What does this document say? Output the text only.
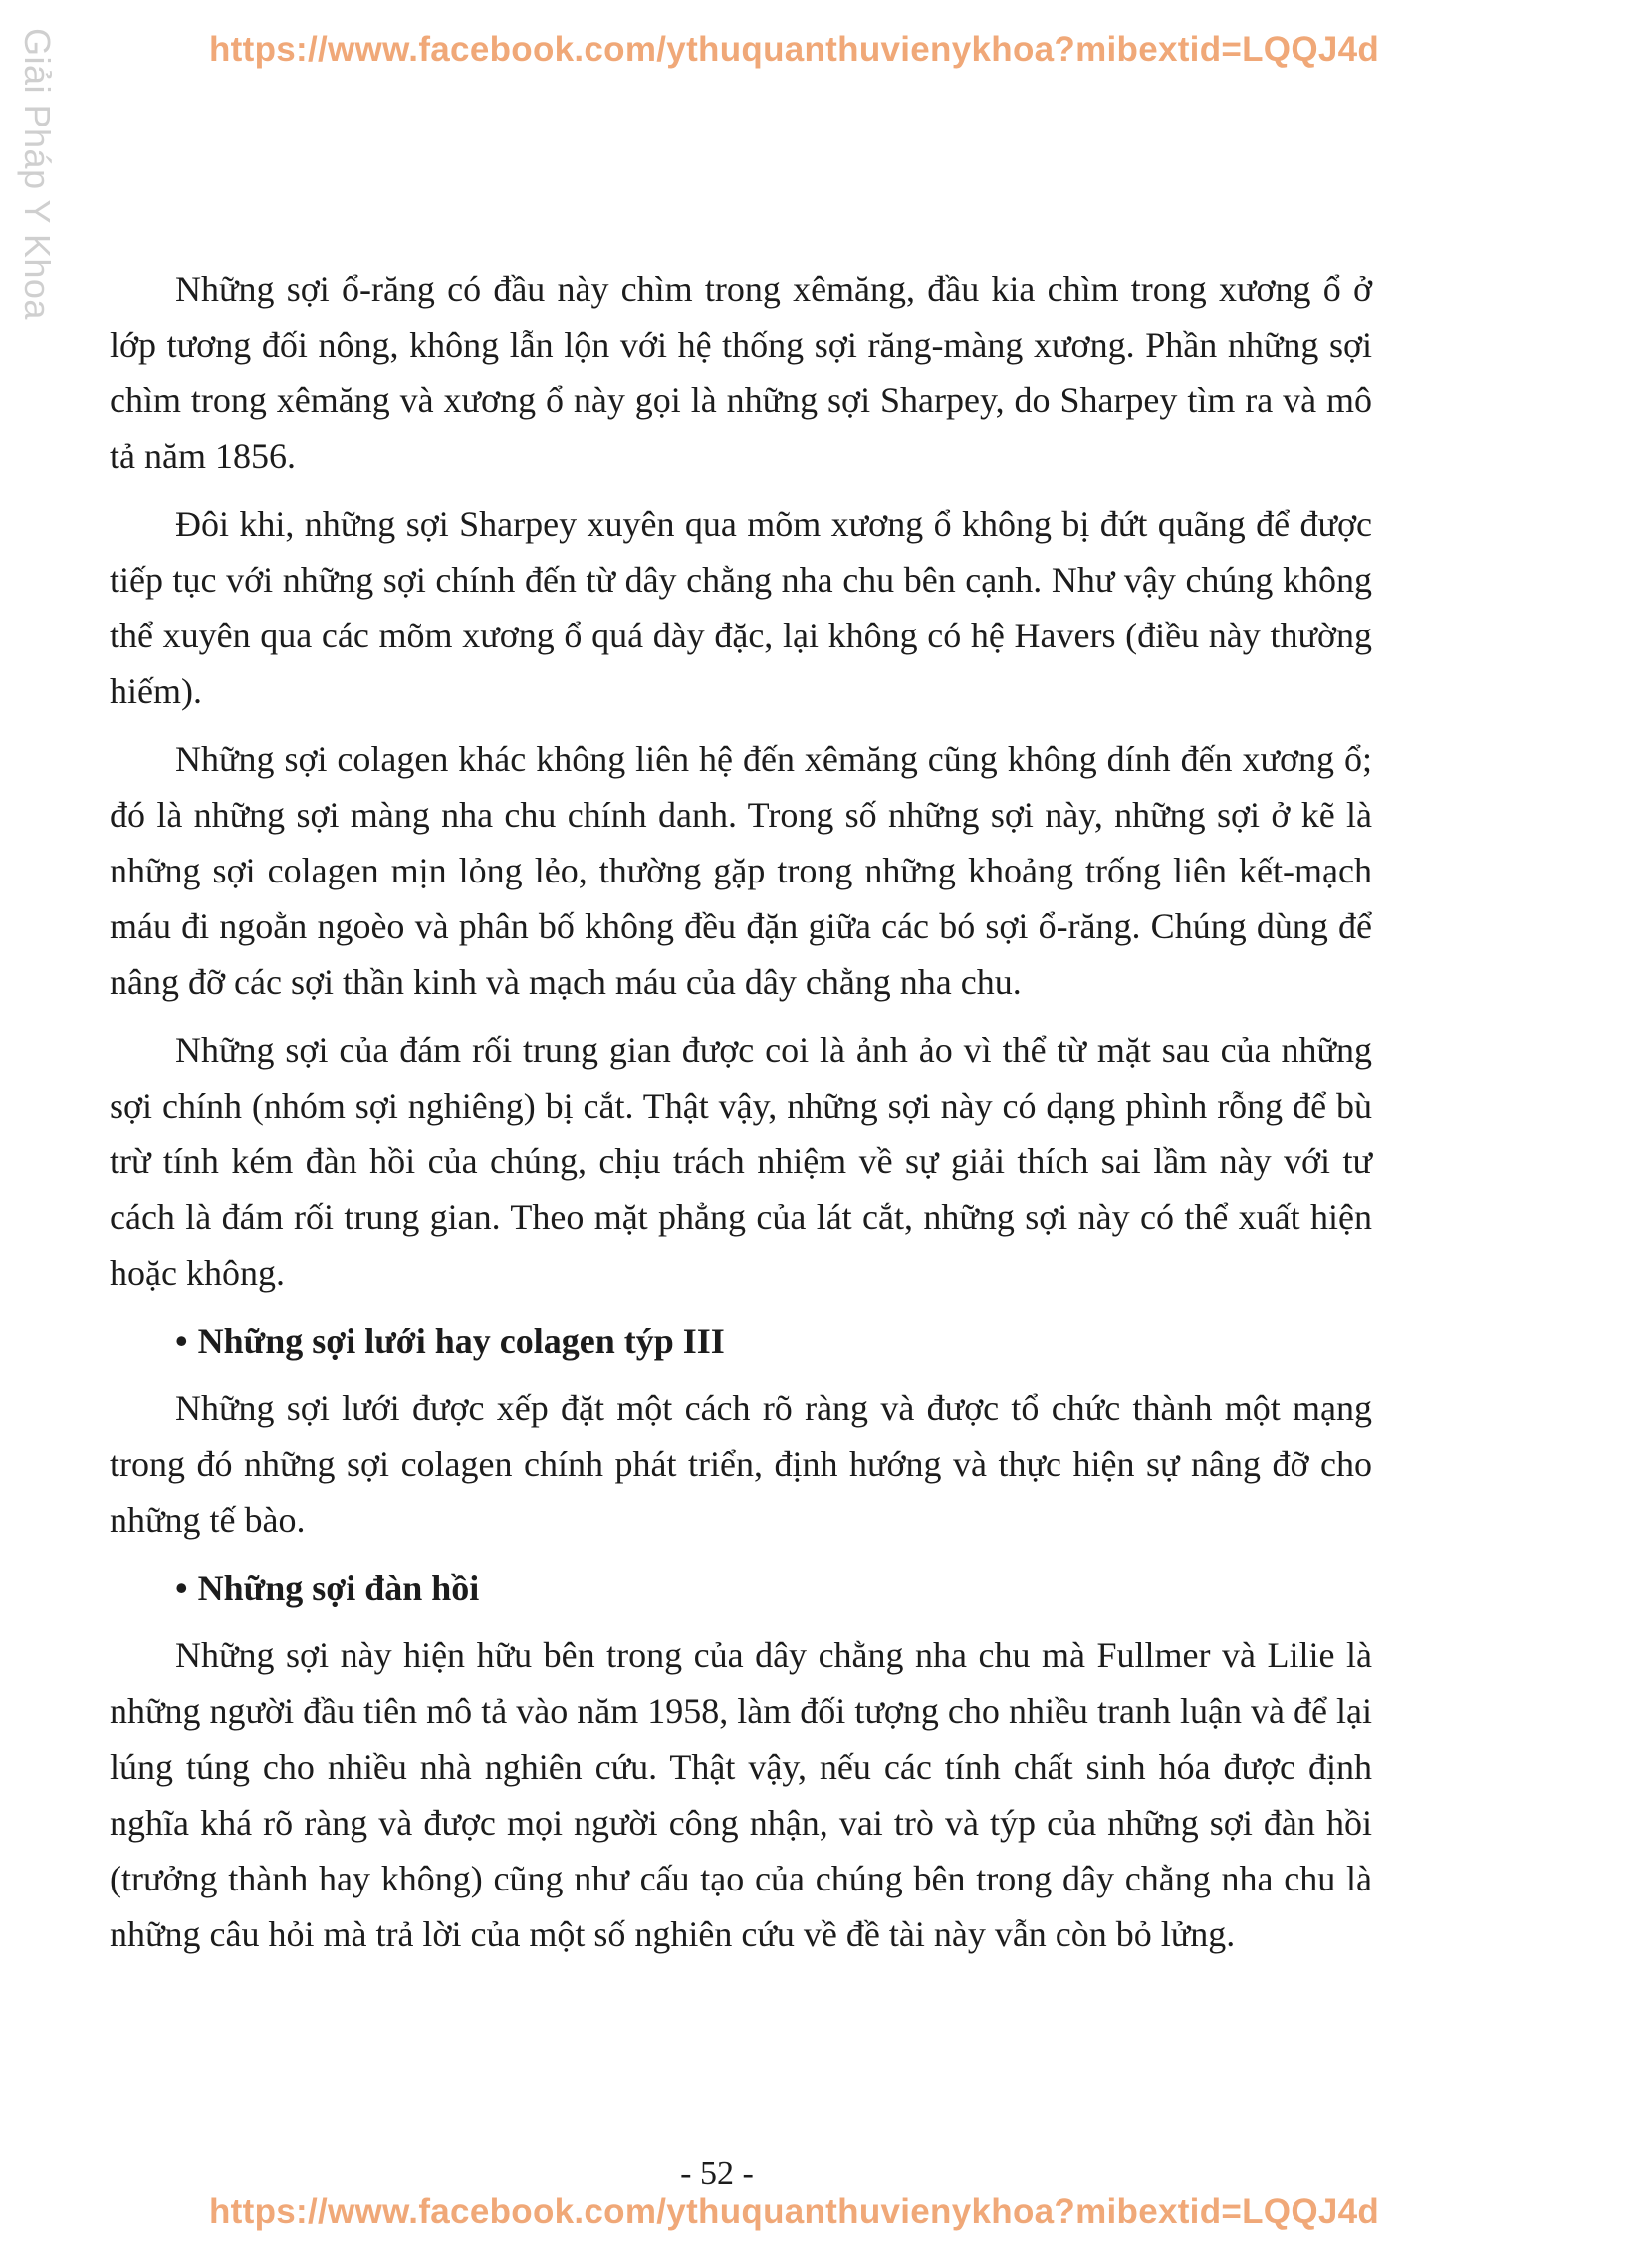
https://www.facebook.com/ythuquanthuvienykhoa?mibextid=LQQJ4d
Giải Pháp Y Khoa	Những sợi ổ-răng có đầu này chìm trong xêmăng, đầu kia chìm trong xương ổ ở lớp tương đối nông, không lẫn lộn với hệ thống sợi răng-màng xương. Phần những sợi chìm trong xêmăng và xương ổ này gọi là những sợi Sharpey, do Sharpey tìm ra và mô tả năm 1856.

Đôi khi, những sợi Sharpey xuyên qua mõm xương ổ không bị đứt quãng để được tiếp tục với những sợi chính đến từ dây chằng nha chu bên cạnh. Như vậy chúng không thể xuyên qua các mõm xương ổ quá dày đặc, lại không có hệ Havers (điều này thường hiếm).

Những sợi colagen khác không liên hệ đến xêmăng cũng không dính đến xương ổ; đó là những sợi màng nha chu chính danh. Trong số những sợi này, những sợi ở kẽ là những sợi colagen mịn lỏng lẻo, thường gặp trong những khoảng trống liên kết-mạch máu đi ngoằn ngoèo và phân bố không đều đặn giữa các bó sợi ổ-răng. Chúng dùng để nâng đỡ các sợi thần kinh và mạch máu của dây chằng nha chu.

Những sợi của đám rối trung gian được coi là ảnh ảo vì thể từ mặt sau của những sợi chính (nhóm sợi nghiêng) bị cắt. Thật vậy, những sợi này có dạng phình rỗng để bù trừ tính kém đàn hồi của chúng, chịu trách nhiệm về sự giải thích sai lầm này với tư cách là đám rối trung gian. Theo mặt phẳng của lát cắt, những sợi này có thể xuất hiện hoặc không.

• Những sợi lưới hay colagen týp III

Những sợi lưới được xếp đặt một cách rõ ràng và được tổ chức thành một mạng trong đó những sợi colagen chính phát triển, định hướng và thực hiện sự nâng đỡ cho những tế bào.

• Những sợi đàn hồi

Những sợi này hiện hữu bên trong của dây chằng nha chu mà Fullmer và Lilie là những người đầu tiên mô tả vào năm 1958, làm đối tượng cho nhiều tranh luận và để lại lúng túng cho nhiều nhà nghiên cứu. Thật vậy, nếu các tính chất sinh hóa được định nghĩa khá rõ ràng và được mọi người công nhận, vai trò và týp của những sợi đàn hồi (trưởng thành hay không) cũng như cấu tạo của chúng bên trong dây chằng nha chu là những câu hỏi mà trả lời của một số nghiên cứu về đề tài này vẫn còn bỏ lửng.

- 52 -
https://www.facebook.com/ythuquanthuvienykhoa?mibextid=LQQJ4d
